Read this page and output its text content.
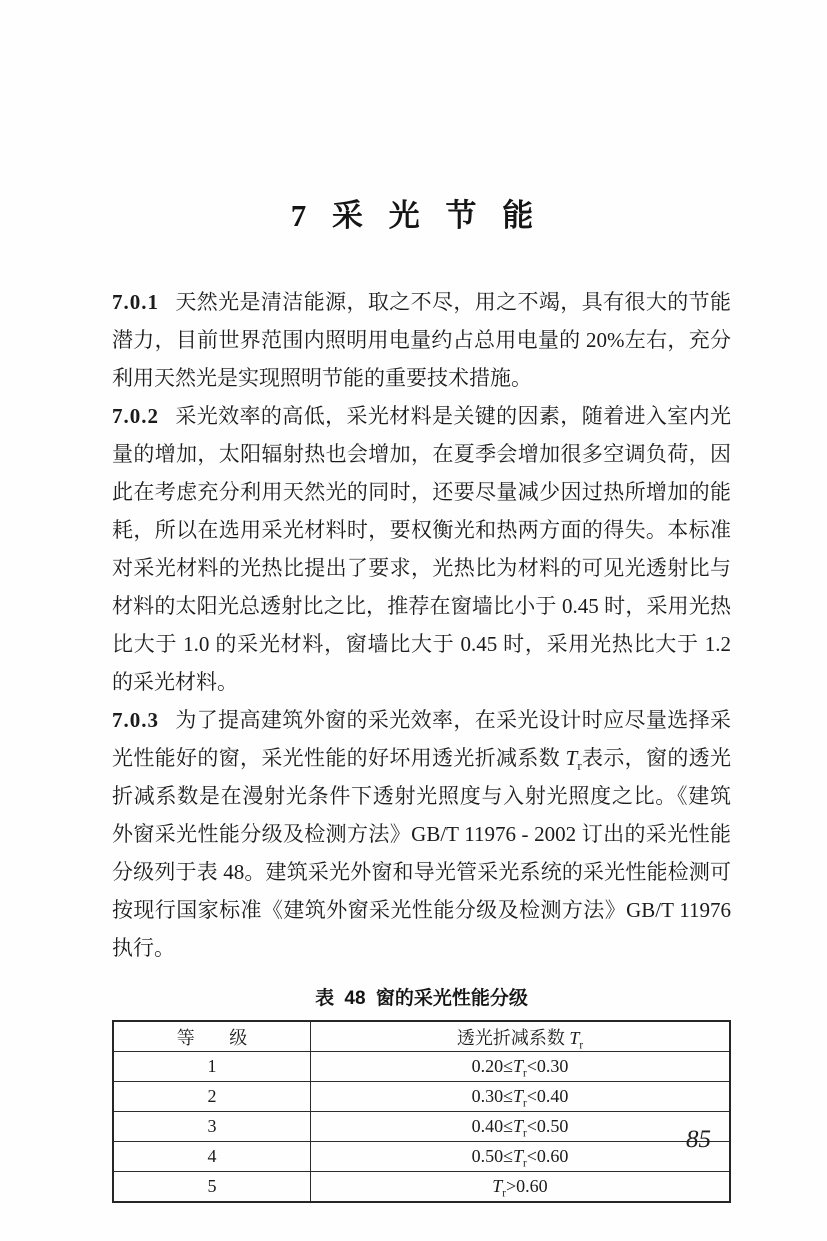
7 采 光 节 能

7.0.1 天然光是清洁能源，取之不尽，用之不竭，具有很大的节能潜力，目前世界范围内照明用电量约占总用电量的 20%左右，充分利用天然光是实现照明节能的重要技术措施。

7.0.2 采光效率的高低，采光材料是关键的因素，随着进入室内光量的增加，太阳辐射热也会增加，在夏季会增加很多空调负荷，因此在考虑充分利用天然光的同时，还要尽量减少因过热所增加的能耗，所以在选用采光材料时，要权衡光和热两方面的得失。本标准对采光材料的光热比提出了要求，光热比为材料的可见光透射比与材料的太阳光总透射比之比，推荐在窗墙比小于 0.45 时，采用光热比大于 1.0 的采光材料，窗墙比大于 0.45 时，采用光热比大于 1.2 的采光材料。

7.0.3 为了提高建筑外窗的采光效率，在采光设计时应尽量选择采光性能好的窗，采光性能的好坏用透光折减系数 $T_r$表示，窗的透光折减系数是在漫射光条件下透射光照度与入射光照度之比。《建筑外窗采光性能分级及检测方法》GB/T 11976 - 2002 订出的采光性能分级列于表 48。建筑采光外窗和导光管采光系统的采光性能检测可按现行国家标准《建筑外窗采光性能分级及检测方法》GB/T 11976 执行。

表 48 窗的采光性能分级
等 级	透光折减系数 $T_r$
1	$0.20\le T_r<0.30$
2	$0.30\le T_r<0.40$
3	$0.40\le T_r<0.50$
4	$0.50\le T_r<0.60$
5	$T_r>0.60$
85
